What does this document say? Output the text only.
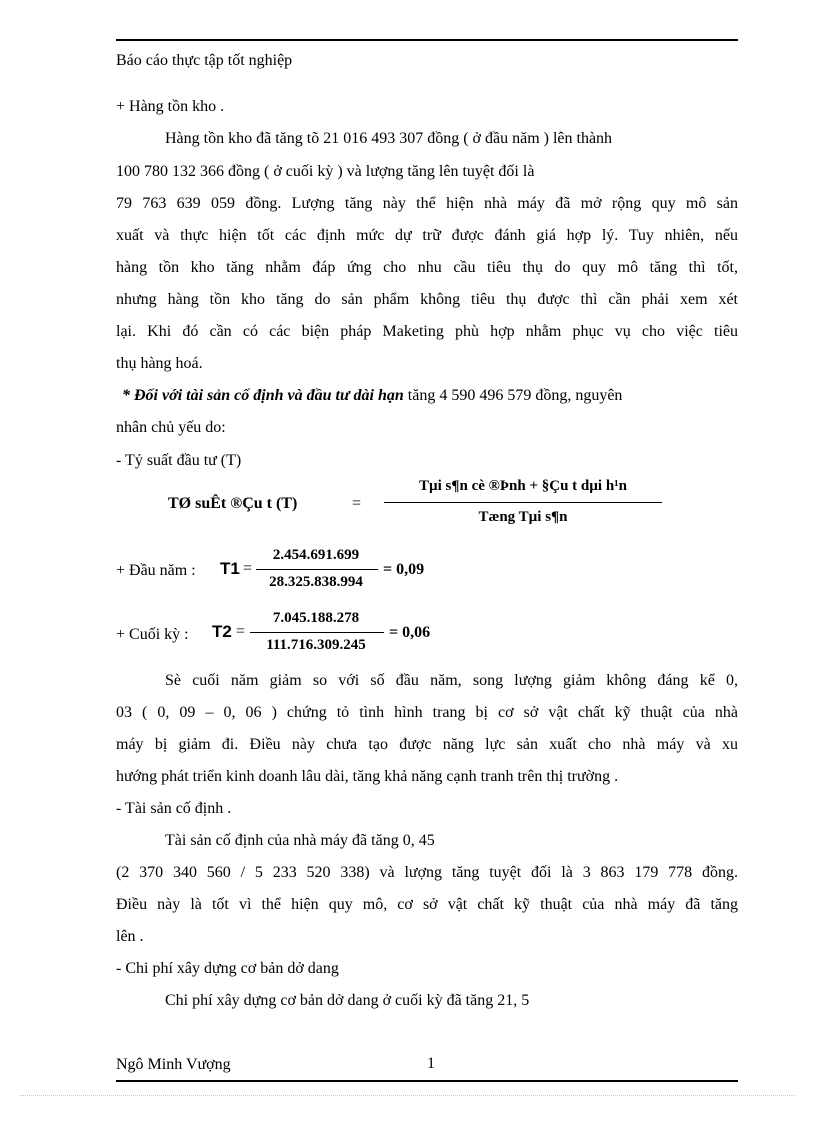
Báo cáo thực tập tốt nghiệp
+ Hàng tồn kho .
Hàng tồn kho đã tăng tõ 21 016 493 307 đồng ( ở đầu năm ) lên thành
100 780 132 366 đồng ( ở cuối kỳ ) và lượng tăng lên tuyệt đối là
79 763 639 059 đồng. Lượng tăng này thể hiện nhà máy đã mở rộng quy mô sản
xuất và thực hiện tốt các định mức dự trữ được đánh giá hợp lý. Tuy nhiên, nếu
hàng tồn kho tăng nhằm đáp ứng cho nhu cầu tiêu thụ do quy mô tăng thì tốt,
nhưng hàng tồn kho tăng do sản phẩm không tiêu thụ được thì cần phải xem xét
lại. Khi đó cần có các biện pháp Maketing phù hợp nhằm phục vụ cho việc tiêu
thụ hàng hoá.
* Đối với tài sản cố định và đầu tư dài hạn tăng 4 590 496 579 đồng, nguyên
nhân chủ yếu do:
- Tỷ suất đầu tư (T)
TØ suÊt ®Çu t (T)	=
Tµi s¶n cè ®Þnh + §Çu t dµi h¹n
Tæng Tµi s¶n
+ Đầu năm : T1 =
2.454.691.699
28.325.838.994
= 0,09
+ Cuối kỳ : T2 =
7.045.188.278
111.716.309.245
= 0,06
Sè cuối năm giảm so với số đầu năm, song lượng giảm không đáng kể 0,
03 ( 0, 09 – 0, 06 ) chứng tỏ tình hình trang bị cơ sở vật chất kỹ thuật của nhà
máy bị giảm đi. Điều này chưa tạo được năng lực sản xuất cho nhà máy và xu
hướng phát triển kinh doanh lâu dài, tăng khả năng cạnh tranh trên thị trường .
- Tài sản cố định .
Tài sản cố định của nhà máy đã tăng 0, 45
(2 370 340 560 / 5 233 520 338) và lượng tăng tuyệt đối là 3 863 179 778 đồng.
Điều này là tốt vì thể hiện quy mô, cơ sở vật chất kỹ thuật của nhà máy đã tăng
lên .
- Chi phí xây dựng cơ bản dở dang
Chi phí xây dựng cơ bản dở dang ở cuối kỳ đã tăng 21, 5
Ngô Minh Vượng	1
